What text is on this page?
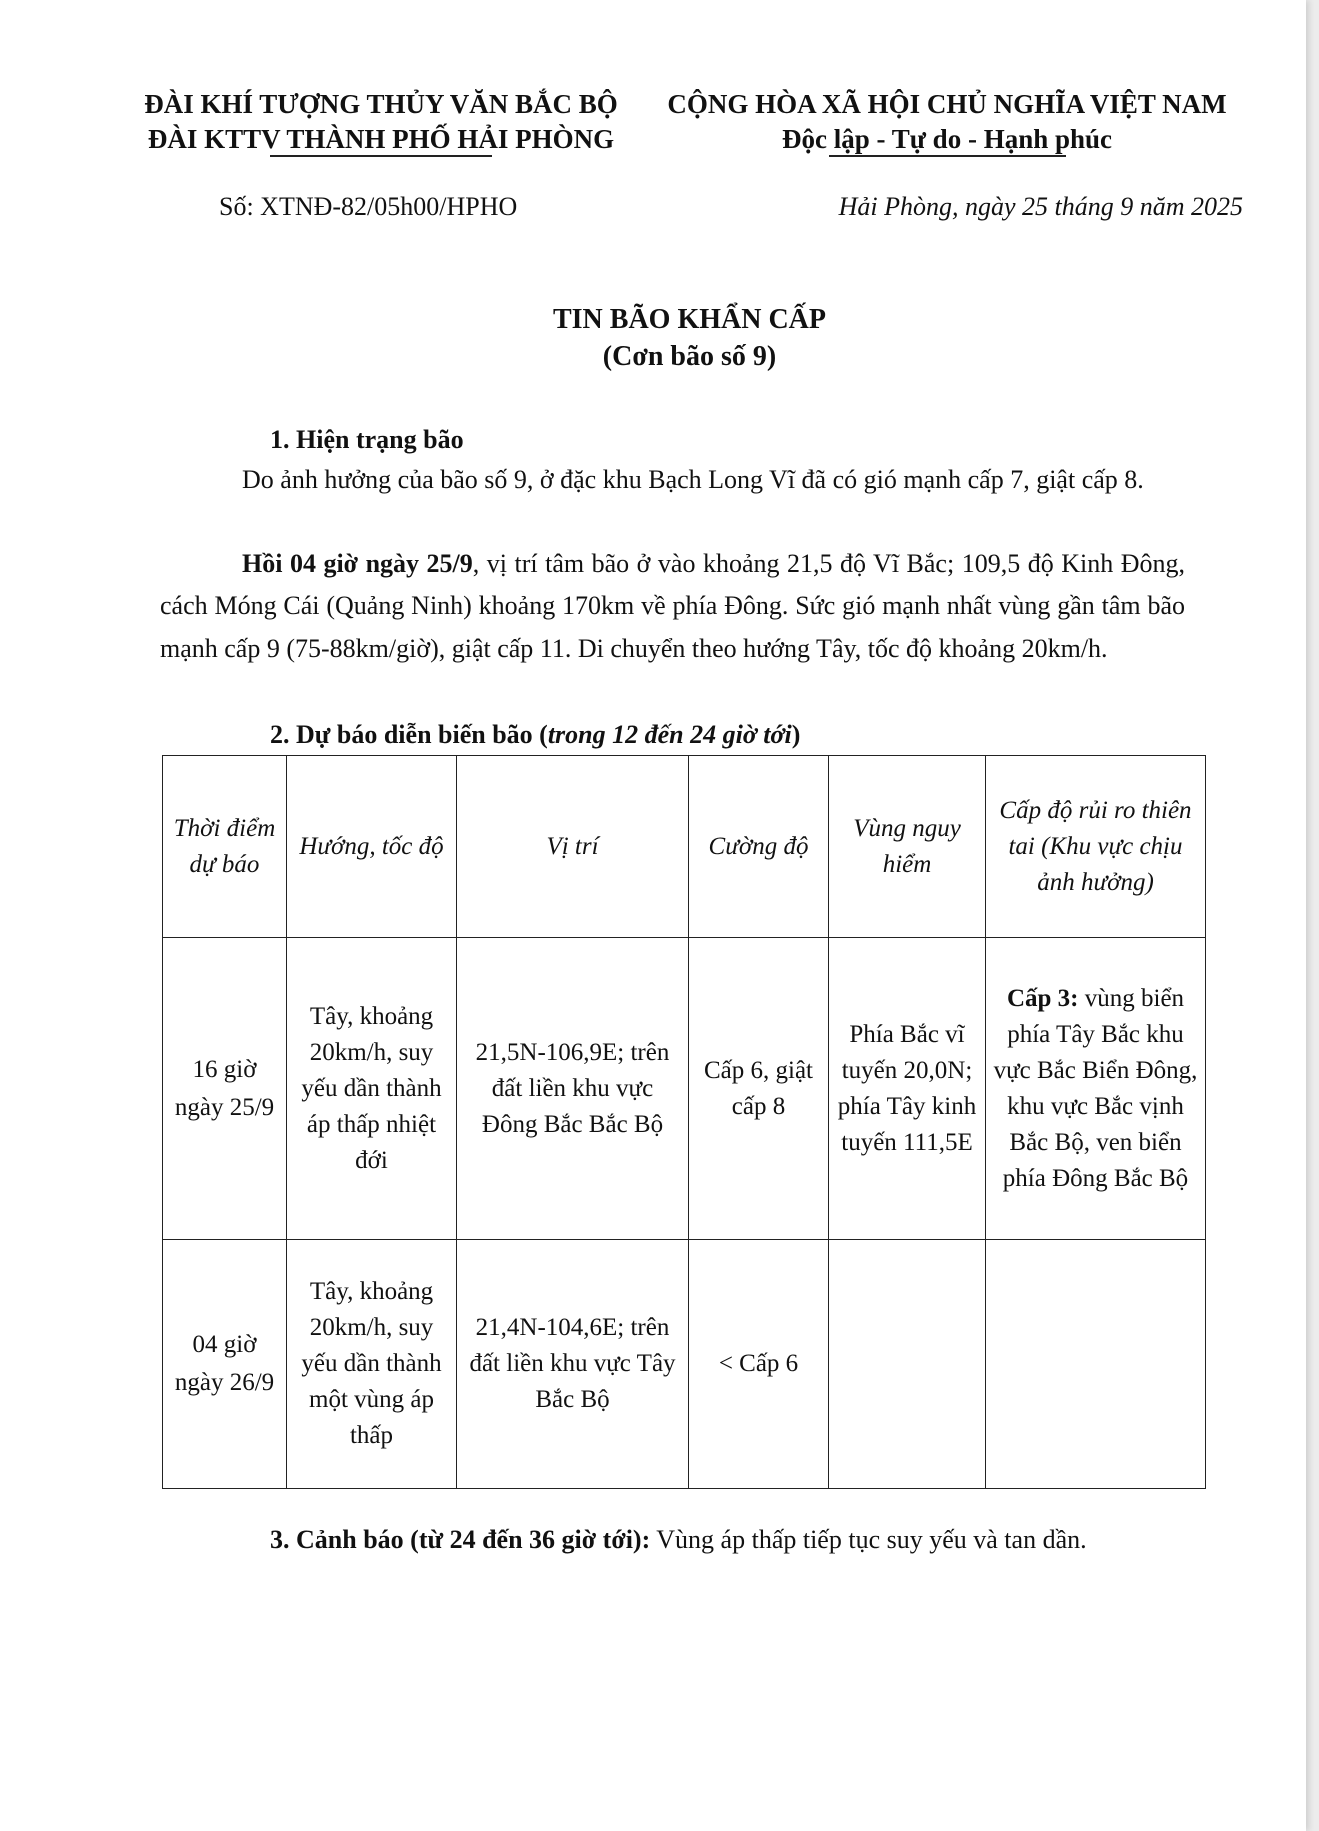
ĐÀI KHÍ TƯỢNG THỦY VĂN BẮC BỘ
ĐÀI KTTV THÀNH PHỐ HẢI PHÒNG
CỘNG HÒA XÃ HỘI CHỦ NGHĨA VIỆT NAM
Độc lập - Tự do - Hạnh phúc
Số: XTNĐ-82/05h00/HPHO	Hải Phòng, ngày 25 tháng 9 năm 2025
TIN BÃO KHẨN CẤP
(Cơn bão số 9)
1. Hiện trạng bão
Do ảnh hưởng của bão số 9, ở đặc khu Bạch Long Vĩ đã có gió mạnh cấp 7, giật cấp 8.
Hồi 04 giờ ngày 25/9, vị trí tâm bão ở vào khoảng 21,5 độ Vĩ Bắc; 109,5 độ Kinh Đông, cách Móng Cái (Quảng Ninh) khoảng 170km về phía Đông. Sức gió mạnh nhất vùng gần tâm bão mạnh cấp 9 (75-88km/giờ), giật cấp 11. Di chuyển theo hướng Tây, tốc độ khoảng 20km/h.
2. Dự báo diễn biến bão (trong 12 đến 24 giờ tới)
Thời điểm dự báo	Hướng, tốc độ	Vị trí	Cường độ	Vùng nguy hiểm	Cấp độ rủi ro thiên tai (Khu vực chịu ảnh hưởng)
16 giờ ngày 25/9	Tây, khoảng 20km/h, suy yếu dần thành áp thấp nhiệt đới	21,5N-106,9E; trên đất liền khu vực Đông Bắc Bắc Bộ	Cấp 6, giật cấp 8	Phía Bắc vĩ tuyến 20,0N; phía Tây kinh tuyến 111,5E	Cấp 3: vùng biển phía Tây Bắc khu vực Bắc Biển Đông, khu vực Bắc vịnh Bắc Bộ, ven biển phía Đông Bắc Bộ
04 giờ ngày 26/9	Tây, khoảng 20km/h, suy yếu dần thành một vùng áp thấp	21,4N-104,6E; trên đất liền khu vực Tây Bắc Bộ	< Cấp 6		
3. Cảnh báo (từ 24 đến 36 giờ tới): Vùng áp thấp tiếp tục suy yếu và tan dần.
